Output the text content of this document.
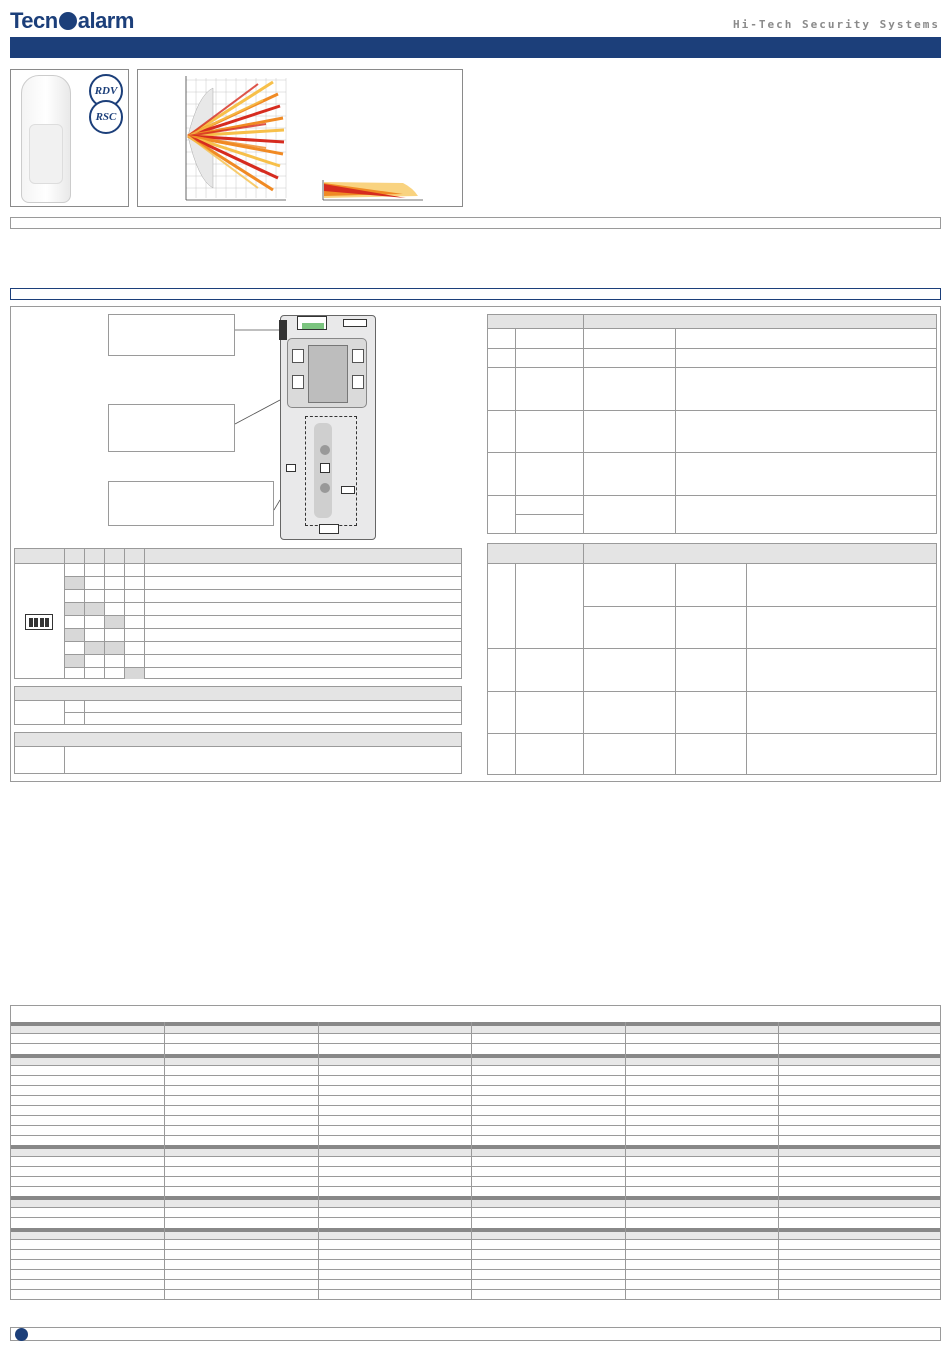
Tecn alarm	Hi-Tech Security Systems
RDV
RSC
